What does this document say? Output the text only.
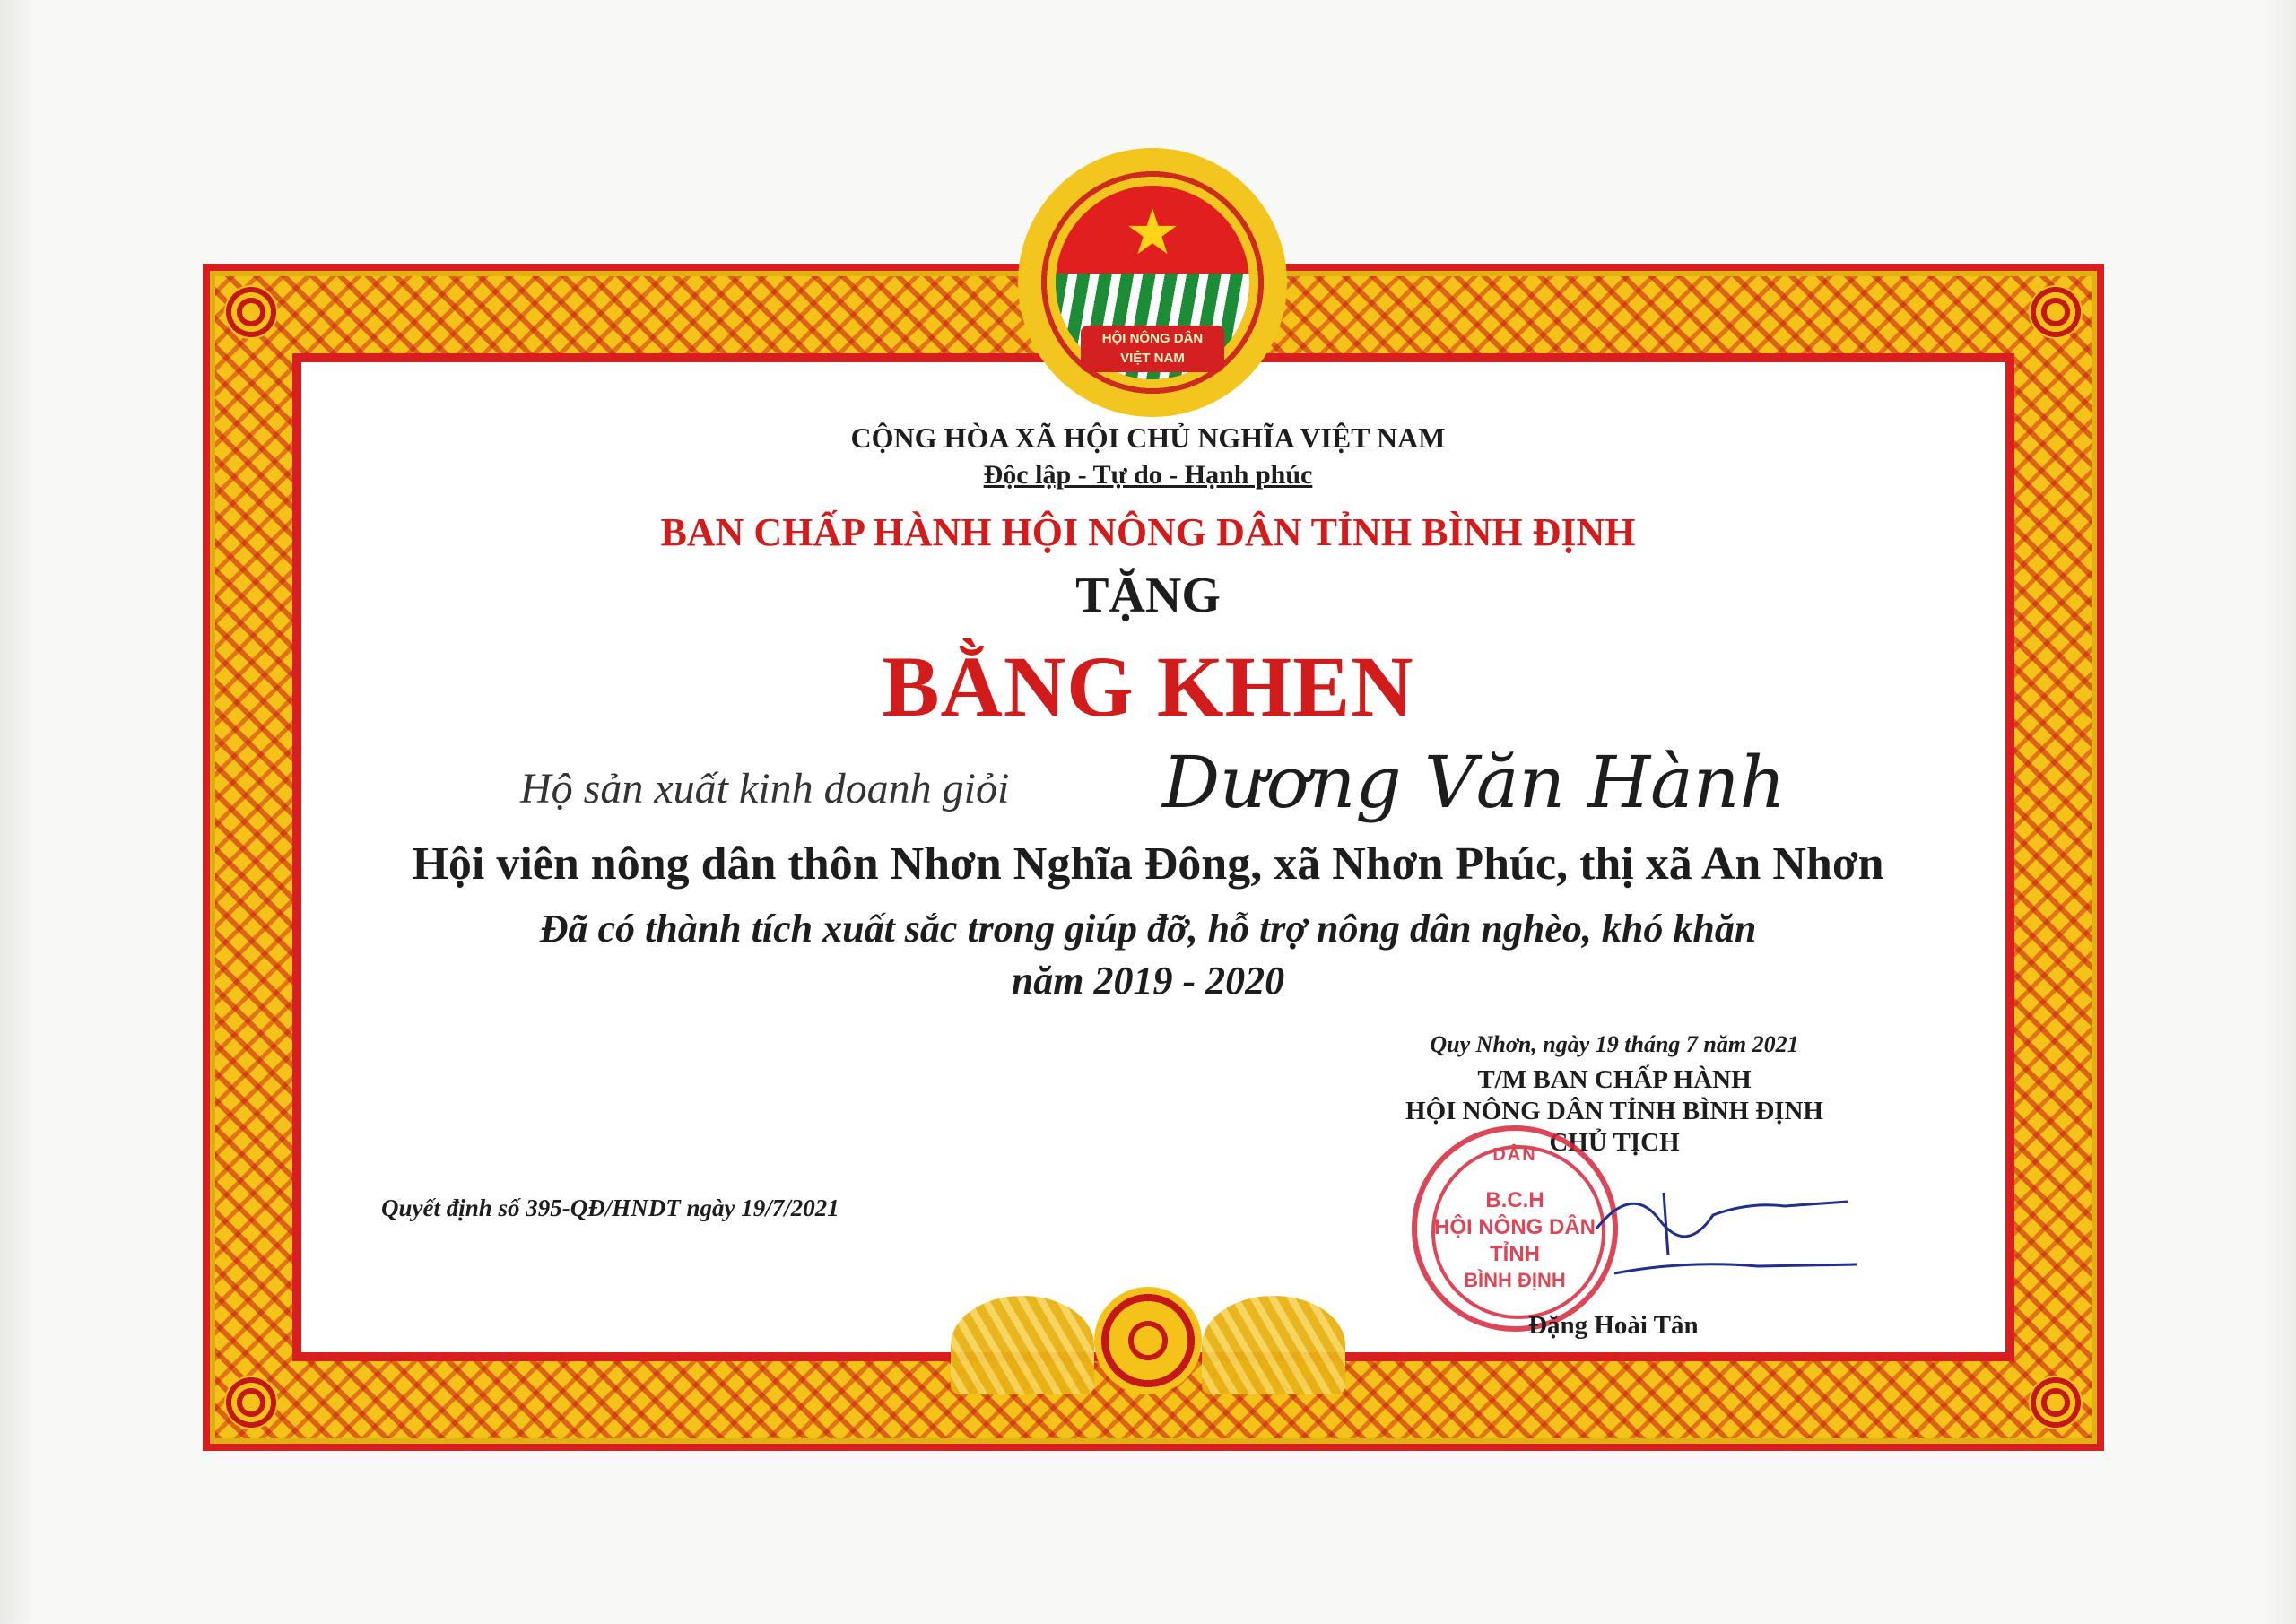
★
HỘI NÔNG DÂN
VIỆT NAM
CỘNG HÒA XÃ HỘI CHỦ NGHĨA VIỆT NAM
Độc lập - Tự do - Hạnh phúc
BAN CHẤP HÀNH HỘI NÔNG DÂN TỈNH BÌNH ĐỊNH
TẶNG
BẰNG KHEN
Hộ sản xuất kinh doanh giỏi Dương Văn Hành
Hội viên nông dân thôn Nhơn Nghĩa Đông, xã Nhơn Phúc, thị xã An Nhơn
Đã có thành tích xuất sắc trong giúp đỡ, hỗ trợ nông dân nghèo, khó khăn
năm 2019 - 2020
Quy Nhơn, ngày 19 tháng 7 năm 2021
T/M BAN CHẤP HÀNH
HỘI NÔNG DÂN TỈNH BÌNH ĐỊNH
CHỦ TỊCH
Quyết định số 395-QĐ/HNDT ngày 19/7/2021
DÂN
B.C.H
HỘI NÔNG DÂN
TỈNH
BÌNH ĐỊNH
Đặng Hoài Tân
